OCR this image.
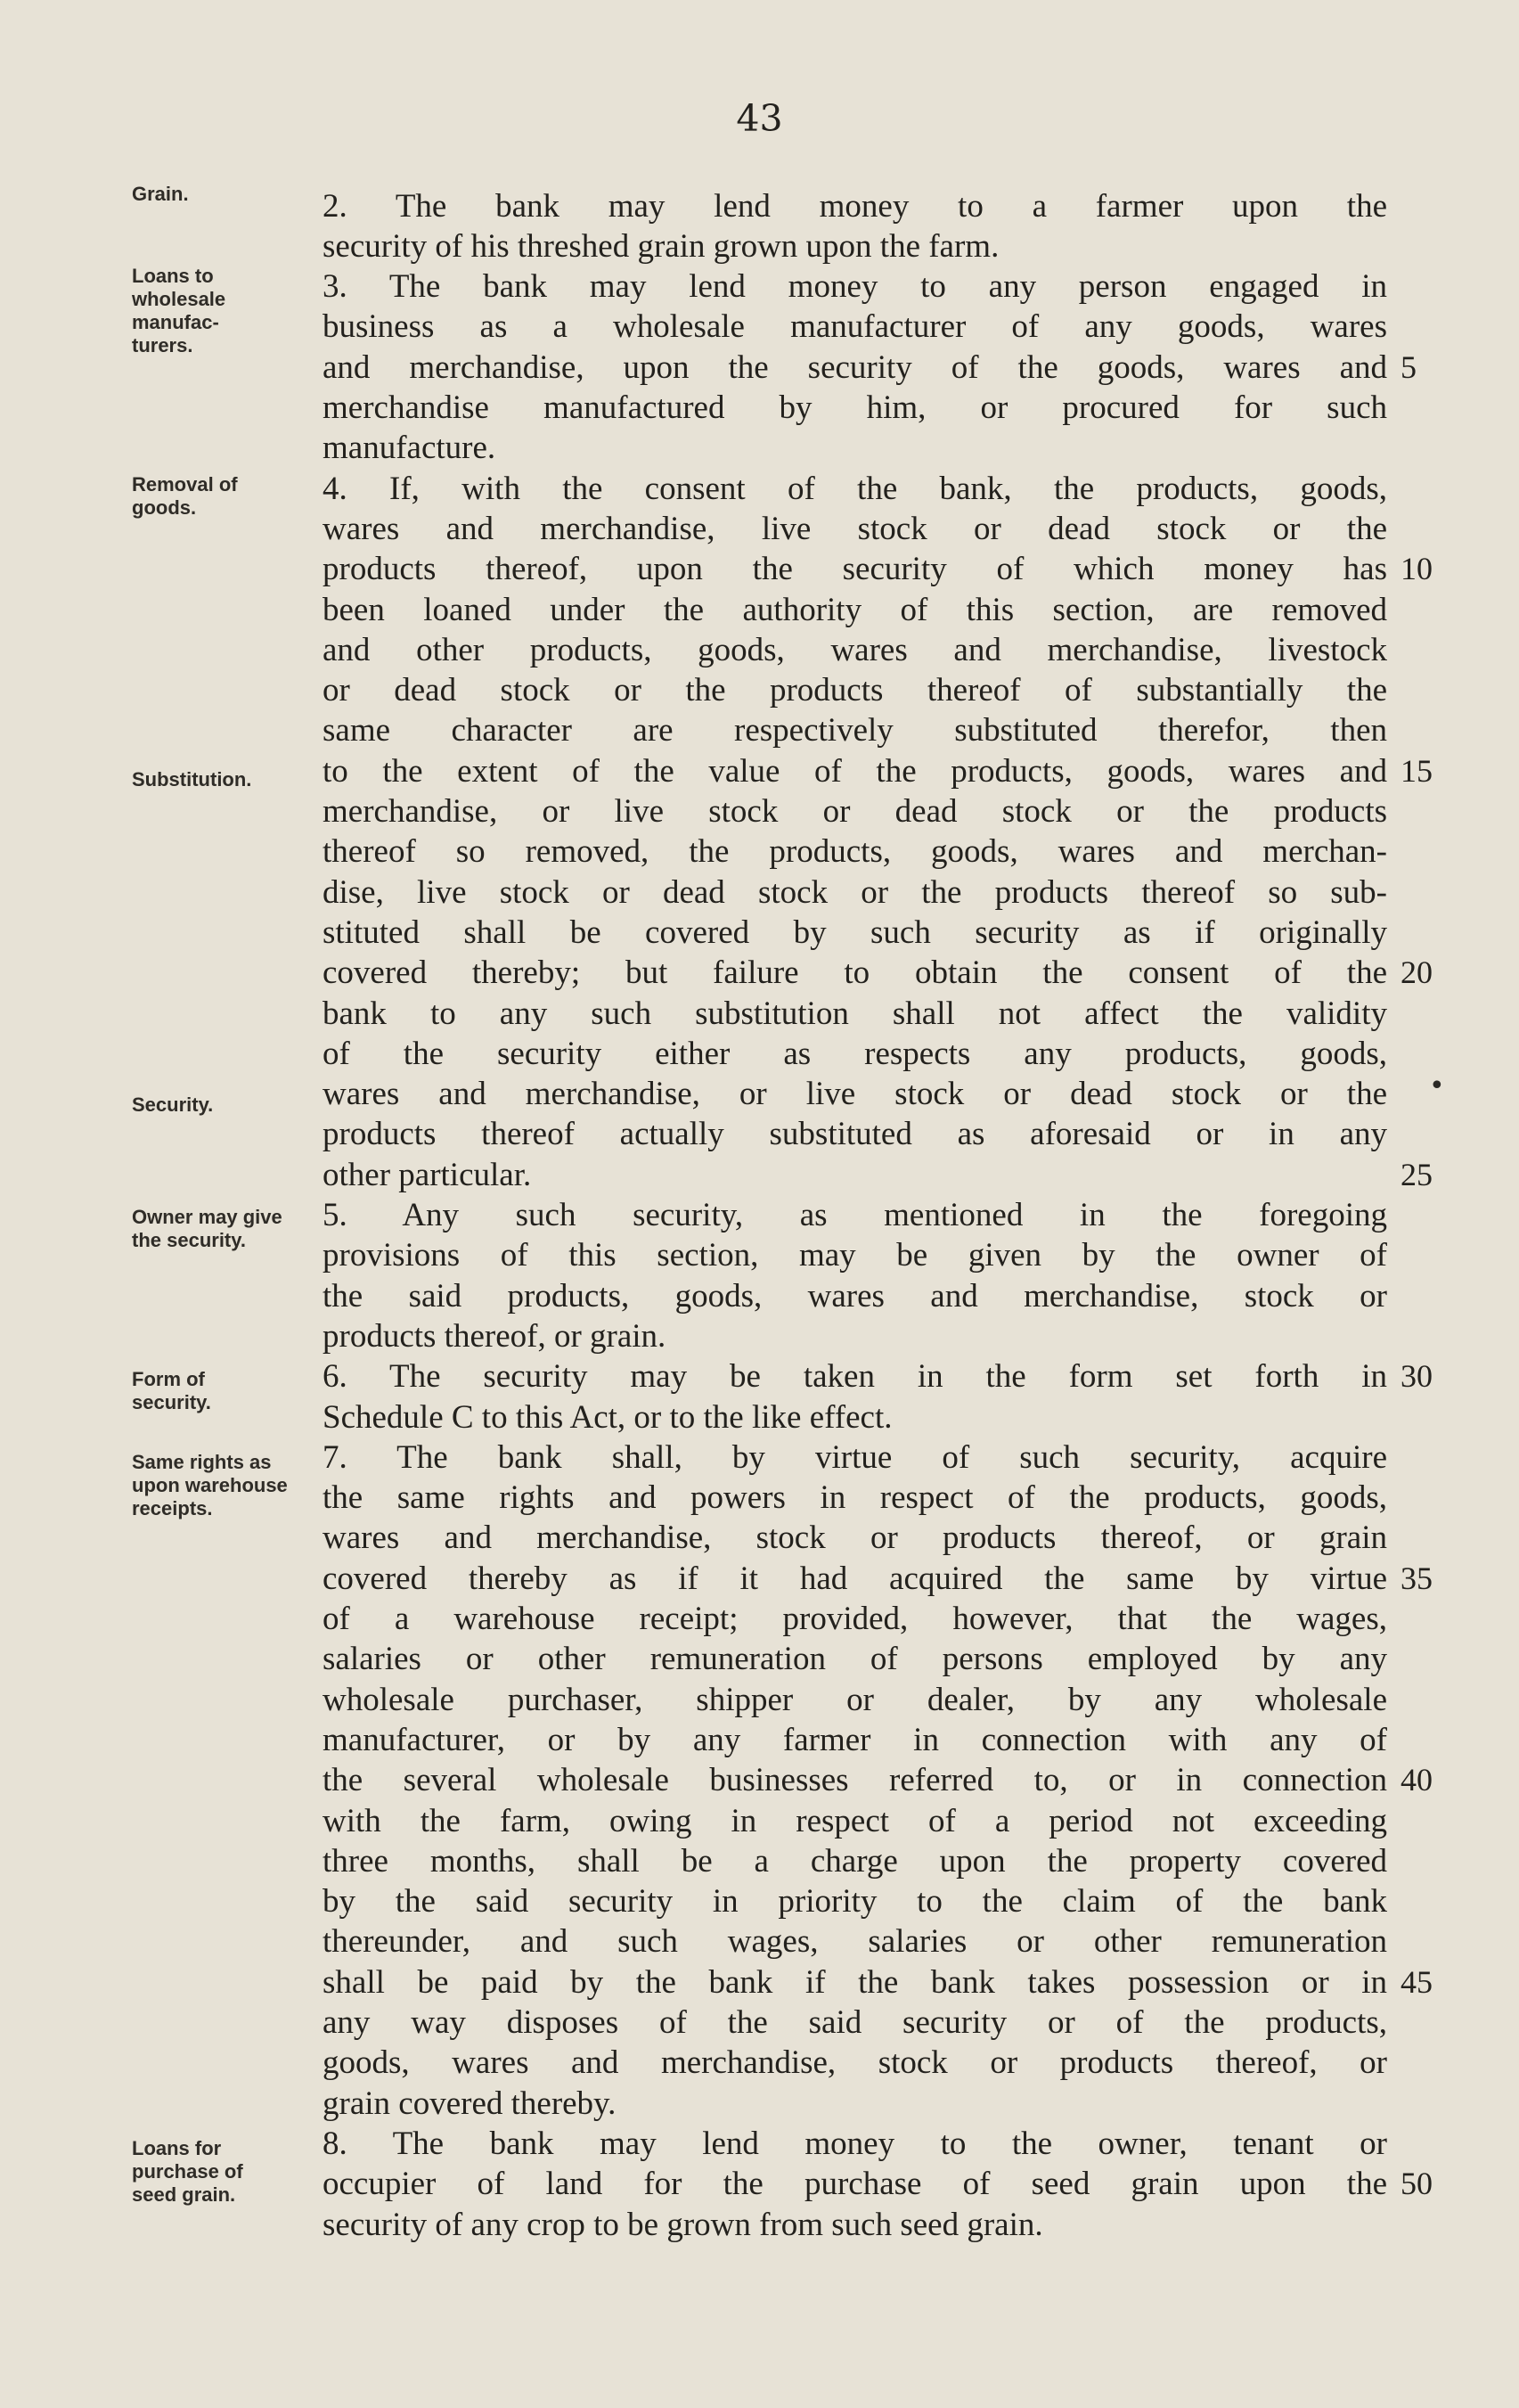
43
Grain.
Loans to wholesale manufac-turers.
Removal of goods.
Substitution.
Security.
Owner may give the security.
Form of security.
Same rights as upon warehouse receipts.
Loans for purchase of seed grain.
2. The bank may lend money to a farmer upon the
security of his threshed grain grown upon the farm.
3. The bank may lend money to any person engaged in
business as a wholesale manufacturer of any goods, wares
and merchandise, upon the security of the goods, wares and
merchandise manufactured by him, or procured for such
manufacture.
4. If, with the consent of the bank, the products, goods,
wares and merchandise, live stock or dead stock or the
products thereof, upon the security of which money has
been loaned under the authority of this section, are removed
and other products, goods, wares and merchandise, livestock
or dead stock or the products thereof of substantially the
same character are respectively substituted therefor, then
to the extent of the value of the products, goods, wares and
merchandise, or live stock or dead stock or the products
thereof so removed, the products, goods, wares and merchan-
dise, live stock or dead stock or the products thereof so sub-
stituted shall be covered by such security as if originally
covered thereby; but failure to obtain the consent of the
bank to any such substitution shall not affect the validity
of the security either as respects any products, goods,
wares and merchandise, or live stock or dead stock or the
products thereof actually substituted as aforesaid or in any
other particular.
5. Any such security, as mentioned in the foregoing
provisions of this section, may be given by the owner of
the said products, goods, wares and merchandise, stock or
products thereof, or grain.
6. The security may be taken in the form set forth in
Schedule C to this Act, or to the like effect.
7. The bank shall, by virtue of such security, acquire
the same rights and powers in respect of the products, goods,
wares and merchandise, stock or products thereof, or grain
covered thereby as if it had acquired the same by virtue
of a warehouse receipt; provided, however, that the wages,
salaries or other remuneration of persons employed by any
wholesale purchaser, shipper or dealer, by any wholesale
manufacturer, or by any farmer in connection with any of
the several wholesale businesses referred to, or in connection
with the farm, owing in respect of a period not exceeding
three months, shall be a charge upon the property covered
by the said security in priority to the claim of the bank
thereunder, and such wages, salaries or other remuneration
shall be paid by the bank if the bank takes possession or in
any way disposes of the said security or of the products,
goods, wares and merchandise, stock or products thereof, or
grain covered thereby.
8. The bank may lend money to the owner, tenant or
occupier of land for the purchase of seed grain upon the
security of any crop to be grown from such seed grain.
5
10
15
20
25
30
35
40
45
50
•
